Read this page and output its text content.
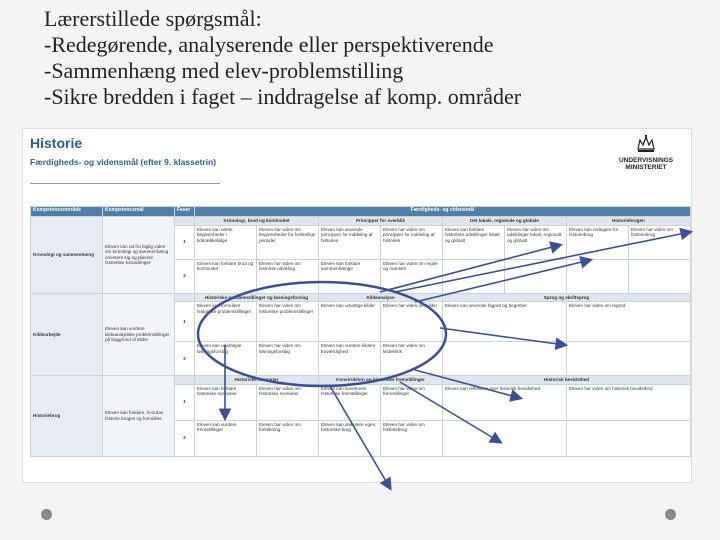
Lærerstillede spørgsmål:
-Redegørende, analyserende eller perspektiverende
-Sammenhæng med elev-problemstilling
-Sikre bredden i faget – inddragelse af komp. områder
Historie
Færdigheds- og vidensmål (efter 9. klassetrin)	UNDERVISNINGS
MINISTERIET
Kompetenceområde	Kompetencemål	Faser	Færdigheds- og vidensmål							
Kronologi og sammenhæng	Eleven kan ud fra faglig viden om kronologi og sammenhæng orientere sig og placere historiske forandringer		Kronologi, brud og kontinuitet		Principper for overblik		Det lokale, regionale og globale		Historiebrugen	
		1	Eleven kan sætte begivenheder i tidsrækkefølge	Eleven har viden om begivenheder fra forskellige perioder	Eleven kan anvende principper for inddeling af historien	Eleven har viden om principper for inddeling af historien	Eleven kan forklare historiske udviklinger lokalt og globalt	Eleven har viden om udviklinger lokalt, regionalt og globalt	Eleven kan redegøre for historiebrug	Eleven har viden om historiebrug
		2	Eleven kan forklare brud og kontinuitet	Eleven har viden om historisk udvikling	Eleven kan forklare sammenhænge	Eleven har viden om regler og mønstre				
Kildearbejde	Eleven kan vurdere kildeanalytiske problemstillinger på baggrund af kilder		Historiske problemstillinger og løsningsforslag		Kildeanalyse		Sprog og skriftsprog			
		1	Eleven kan formulere historiske problemstillinger	Eleven har viden om historiske problemstillinger	Eleven kan udvælge kilder	Eleven har viden om kilder	Eleven kan anvende fagord og begreber		Eleven har viden om fagord	
		2	Eleven kan udarbejde løsningsforslag	Eleven har viden om løsningsforslag	Eleven kan vurdere kilders troværdighed	Eleven har viden om kildekritik				
Historiebrug	Eleven kan forklare, hvordan historie bruges og formidles		Historiske scenarier		Konstruktion og historiske fremstillinger		Historisk bevidsthed			
		1	Eleven kan forklare historiske scenarier	Eleven har viden om historiske scenarier	Eleven kan konstruere historiske fremstillinger	Eleven har viden om fremstillinger	Eleven kan reflektere over historisk bevidsthed		Eleven har viden om historisk bevidsthed	
		2	Eleven kan vurdere fremstillinger	Eleven har viden om fortolkning	Eleven kan diskutere egen historiske brug	Eleven har viden om historiebrug				
